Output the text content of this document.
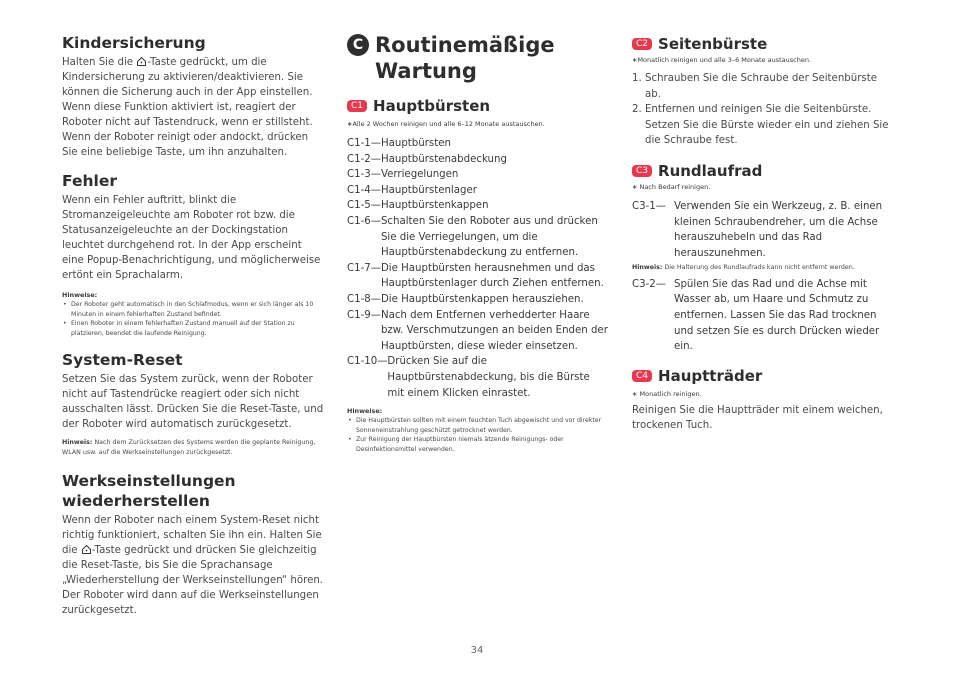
Kindersicherung

Halten Sie die -Taste gedrückt, um die Kindersicherung zu aktivieren/deaktivieren. Sie können die Sicherung auch in der App einstellen. Wenn diese Funktion aktiviert ist, reagiert der Roboter nicht auf Tastendruck, wenn er stillsteht. Wenn der Roboter reinigt oder andockt, drücken Sie eine beliebige Taste, um ihn anzuhalten.

Fehler

Wenn ein Fehler auftritt, blinkt die Stromanzeigeleuchte am Roboter rot bzw. die Statusanzeigeleuchte an der Dockingstation leuchtet durchgehend rot. In der App erscheint eine Popup-Benachrichtigung, und möglicherweise ertönt ein Sprachalarm.

Hinweise:

• Der Roboter geht automatisch in den Schlafmodus, wenn er sich länger als 10 Minuten in einem fehlerhaften Zustand befindet.

• Einen Roboter in einem fehlerhaften Zustand manuell auf der Station zu platzieren, beendet die laufende Reinigung.

System-Reset

Setzen Sie das System zurück, wenn der Roboter nicht auf Tastendrücke reagiert oder sich nicht ausschalten lässt. Drücken Sie die Reset-Taste, und der Roboter wird automatisch zurückgesetzt.

Hinweis: Nach dem Zurücksetzen des Systems werden die geplante Reinigung, WLAN usw. auf die Werkseinstellungen zurückgesetzt.

Werkseinstellungen wiederherstellen

Wenn der Roboter nach einem System-Reset nicht richtig funktioniert, schalten Sie ihn ein. Halten Sie die -Taste gedrückt und drücken Sie gleichzeitig die Reset-Taste, bis Sie die Sprachansage „Wiederherstellung der Werkseinstellungen“ hören. Der Roboter wird dann auf die Werkseinstellungen zurückgesetzt.

C Routinemäßige Wartung
C1 Hauptbürsten

∗Alle 2 Wochen reinigen und alle 6–12 Monate austauschen.

C1-1— Hauptbürsten
C1-2— Hauptbürstenabdeckung
C1-3— Verriegelungen
C1-4— Hauptbürstenlager
C1-5— Hauptbürstenkappen
C1-6— Schalten Sie den Roboter aus und drücken Sie die Verriegelungen, um die Hauptbürstenabdeckung zu entfernen.
C1-7— Die Hauptbürsten herausnehmen und das Hauptbürstenlager durch Ziehen entfernen.
C1-8— Die Hauptbürstenkappen herausziehen.
C1-9— Nach dem Entfernen verhedderter Haare bzw. Verschmutzungen an beiden Enden der Hauptbürsten, diese wieder einsetzen.
C1-10— Drücken Sie auf die Hauptbürstenabdeckung, bis die Bürste mit einem Klicken einrastet.
Hinweise:

• Die Hauptbürsten sollten mit einem feuchten Tuch abgewischt und vor direkter Sonneneinstrahlung geschützt getrocknet werden.

• Zur Reinigung der Hauptbürsten niemals ätzende Reinigungs- oder Desinfektionsmittel verwenden.

C2 Seitenbürste

∗Monatlich reinigen und alle 3–6 Monate austauschen.

1. Schrauben Sie die Schraube der Seitenbürste ab.
2. Entfernen und reinigen Sie die Seitenbürste. Setzen Sie die Bürste wieder ein und ziehen Sie die Schraube fest.
C3 Rundlaufrad

∗ Nach Bedarf reinigen.

C3-1— Verwenden Sie ein Werkzeug, z. B. einen kleinen Schraubendreher, um die Achse herauszuhebeln und das Rad herauszunehmen.

Hinweis: Die Halterung des Rundlaufrads kann nicht entfernt werden.

C3-2— Spülen Sie das Rad und die Achse mit Wasser ab, um Haare und Schmutz zu entfernen. Lassen Sie das Rad trocknen und setzen Sie es durch Drücken wieder ein.
C4 Hauptträder

∗ Monatlich reinigen.

Reinigen Sie die Hauptträder mit einem weichen, trockenen Tuch.

34
